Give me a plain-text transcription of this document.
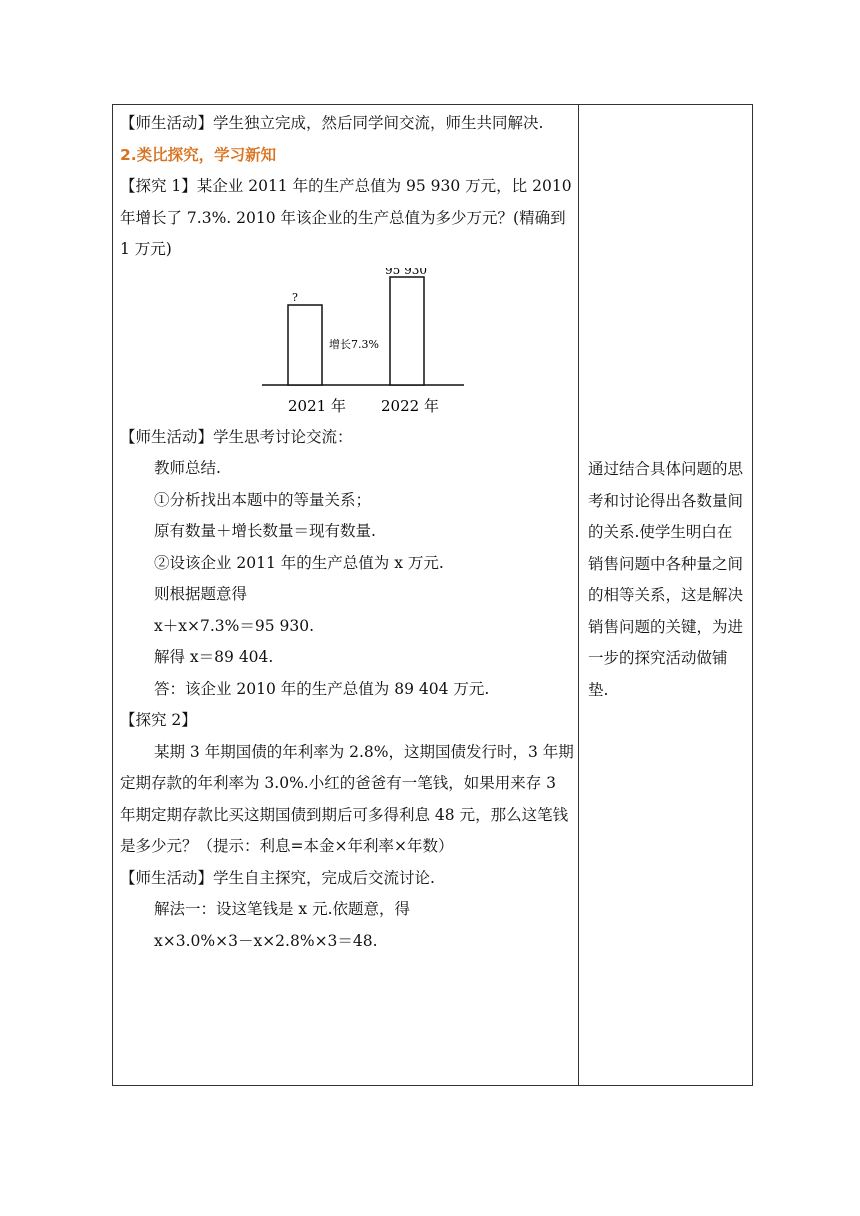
【师生活动】学生独立完成，然后同学间交流，师生共同解决.

2.类比探究，学习新知

【探究 1】某企业 2011 年的生产总值为 95 930 万元，比 2010 年增长了 7.3%. 2010 年该企业的生产总值为多少万元？(精确到 1 万元)

?
95 930
增长7.3%
2021 年 2022 年

【师生活动】学生思考讨论交流：

教师总结.

①分析找出本题中的等量关系；

原有数量＋增长数量＝现有数量.

②设该企业 2011 年的生产总值为 x 万元.

则根据题意得

x＋x×7.3%＝95 930.

解得 x＝89 404.

答：该企业 2010 年的生产总值为 89 404 万元.

【探究 2】

某期 3 年期国债的年利率为 2.8%，这期国债发行时，3 年期定期存款的年利率为 3.0%.小红的爸爸有一笔钱，如果用来存 3 年期定期存款比买这期国债到期后可多得利息 48 元，那么这笔钱是多少元？（提示：利息=本金×年利率×年数）

【师生活动】学生自主探究，完成后交流讨论.

解法一：设这笔钱是 x 元.依题意，得

x×3.0%×3－x×2.8%×3＝48.

通过结合具体问题的思考和讨论得出各数量间的关系.使学生明白在销售问题中各种量之间的相等关系，这是解决销售问题的关键，为进一步的探究活动做铺垫.
